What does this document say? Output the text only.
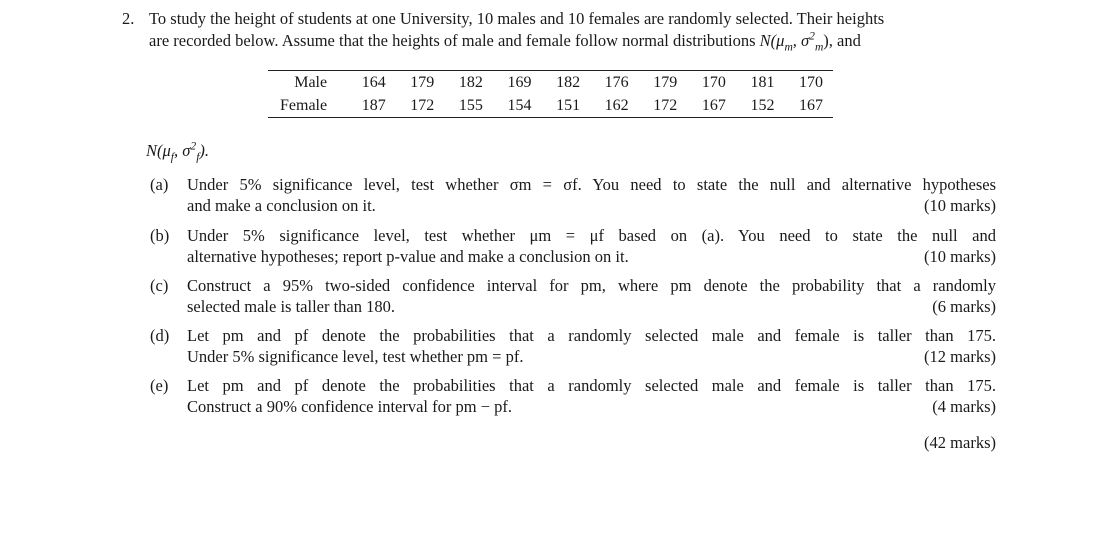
2. To study the height of students at one University, 10 males and 10 females are randomly selected. Their heights
are recorded below. Assume that the heights of male and female follow normal distributions $N(\mu_m$, $\sigma^2_m$), and
Male	164	179	182	169	182	176	179	170	181	170
Female	187	172	155	154	151	162	172	167	152	167
$N(\mu_f$, $\sigma^2_f$).
(a) Under 5% significance level, test whether σm = σf. You need to state the null and alternative hypotheses
and make a conclusion on it.	(10 marks)
(b) Under 5% significance level, test whether μm = μf based on (a). You need to state the null and
alternative hypotheses; report p-value and make a conclusion on it.	(10 marks)
(c) Construct a 95% two-sided confidence interval for pm, where pm denote the probability that a randomly
selected male is taller than 180.	(6 marks)
(d) Let pm and pf denote the probabilities that a randomly selected male and female is taller than 175.
Under 5% significance level, test whether pm = pf.	(12 marks)
(e) Let pm and pf denote the probabilities that a randomly selected male and female is taller than 175.
Construct a 90% confidence interval for pm − pf.	(4 marks)
(42 marks)
